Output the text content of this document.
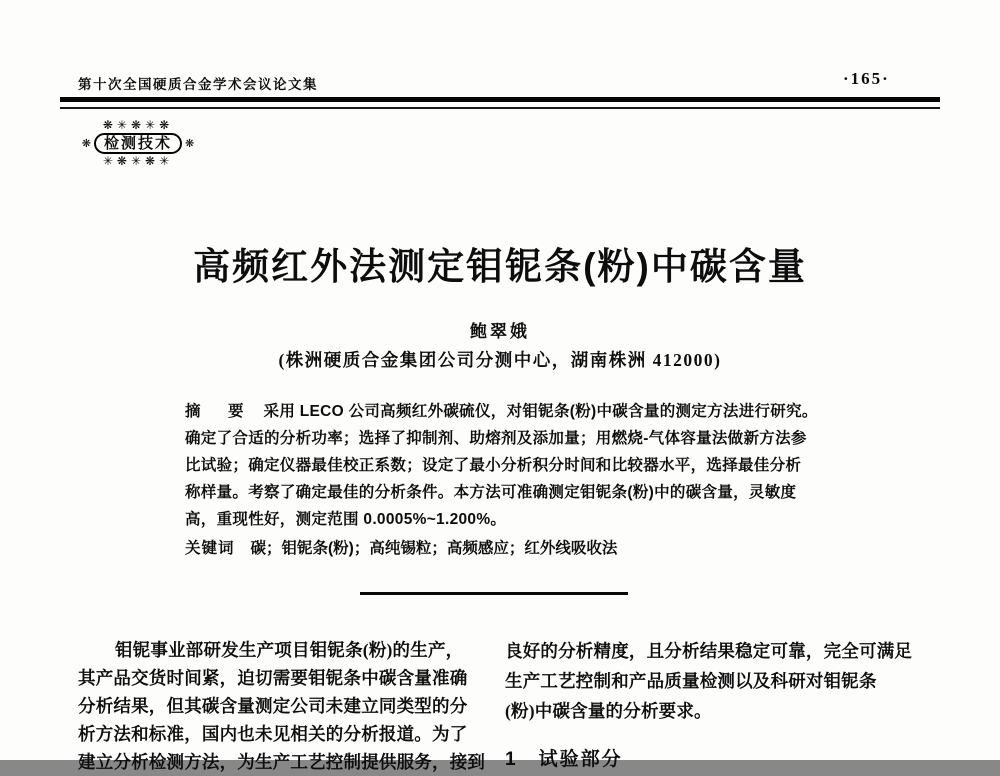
第十次全国硬质合金学术会议论文集	·165·
❋✳❋✳❋
❋ 检测技术	❋
✳❋✳❋✳
高频红外法测定钼铌条(粉)中碳含量
鲍翠娥
(株洲硬质合金集团公司分测中心，湖南株洲 412000)
摘　要 采用 LECO 公司高频红外碳硫仪，对钼铌条(粉)中碳含量的测定方法进行研究。
确定了合适的分析功率；选择了抑制剂、助熔剂及添加量；用燃烧-气体容量法做新方法参
比试验；确定仪器最佳校正系数；设定了最小分析积分时间和比较器水平，选择最佳分析
称样量。考察了确定最佳的分析条件。本方法可准确测定钼铌条(粉)中的碳含量，灵敏度
高，重现性好，测定范围 0.0005%~1.200%。
关键词 碳；钼铌条(粉)；高纯锡粒；高频感应；红外线吸收法
钼铌事业部研发生产项目钼铌条(粉)的生产，
其产品交货时间紧，迫切需要钼铌条中碳含量准确
分析结果，但其碳含量测定公司未建立同类型的分
析方法和标准，国内也未见相关的分析报道。为了
建立分析检测方法，为生产工艺控制提供服务，接到
良好的分析精度，且分析结果稳定可靠，完全可满足
生产工艺控制和产品质量检测以及科研对钼铌条
(粉)中碳含量的分析要求。
1　试验部分
